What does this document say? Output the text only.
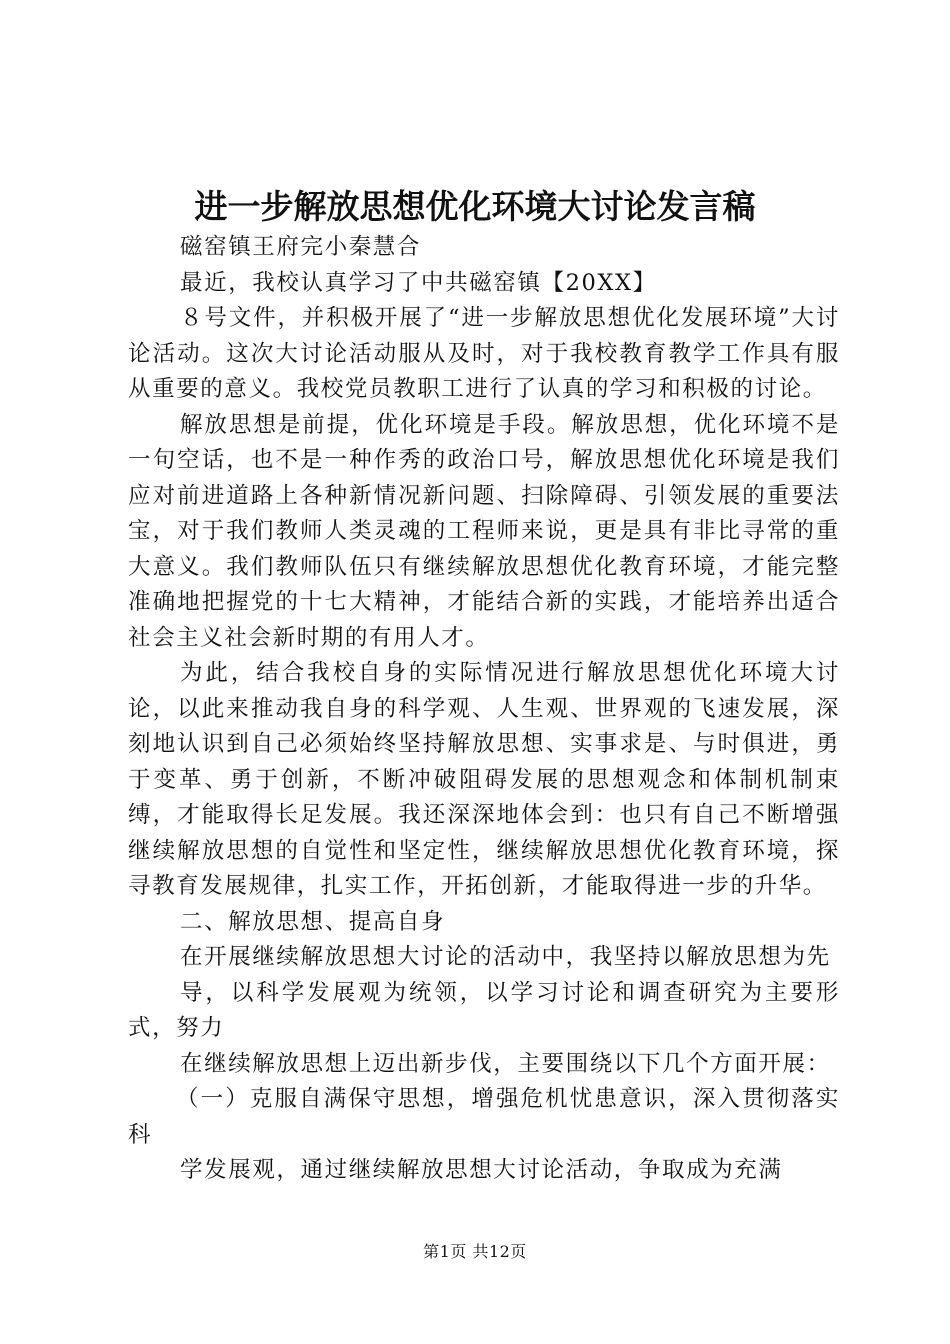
进一步解放思想优化环境大讨论发言稿

磁窑镇王府完小秦慧合

最近，我校认真学习了中共磁窑镇【20XX】

８号文件，并积极开展了“进一步解放思想优化发展环境”大讨论活动。这次大讨论活动服从及时，对于我校教育教学工作具有服从重要的意义。我校党员教职工进行了认真的学习和积极的讨论。

解放思想是前提，优化环境是手段。解放思想，优化环境不是一句空话，也不是一种作秀的政治口号，解放思想优化环境是我们应对前进道路上各种新情况新问题、扫除障碍、引领发展的重要法宝，对于我们教师人类灵魂的工程师来说，更是具有非比寻常的重大意义。我们教师队伍只有继续解放思想优化教育环境，才能完整准确地把握党的十七大精神，才能结合新的实践，才能培养出适合社会主义社会新时期的有用人才。

为此，结合我校自身的实际情况进行解放思想优化环境大讨论，以此来推动我自身的科学观、人生观、世界观的飞速发展，深刻地认识到自己必须始终坚持解放思想、实事求是、与时俱进，勇于变革、勇于创新，不断冲破阻碍发展的思想观念和体制机制束缚，才能取得长足发展。我还深深地体会到：也只有自己不断增强继续解放思想的自觉性和坚定性，继续解放思想优化教育环境，探寻教育发展规律，扎实工作，开拓创新，才能取得进一步的升华。

二、解放思想、提高自身

在开展继续解放思想大讨论的活动中，我坚持以解放思想为先

导，以科学发展观为统领，以学习讨论和调查研究为主要形式，努力

在继续解放思想上迈出新步伐，主要围绕以下几个方面开展：

（一）克服自满保守思想，增强危机忧患意识，深入贯彻落实科

学发展观，通过继续解放思想大讨论活动，争取成为充满

第1页 共12页
